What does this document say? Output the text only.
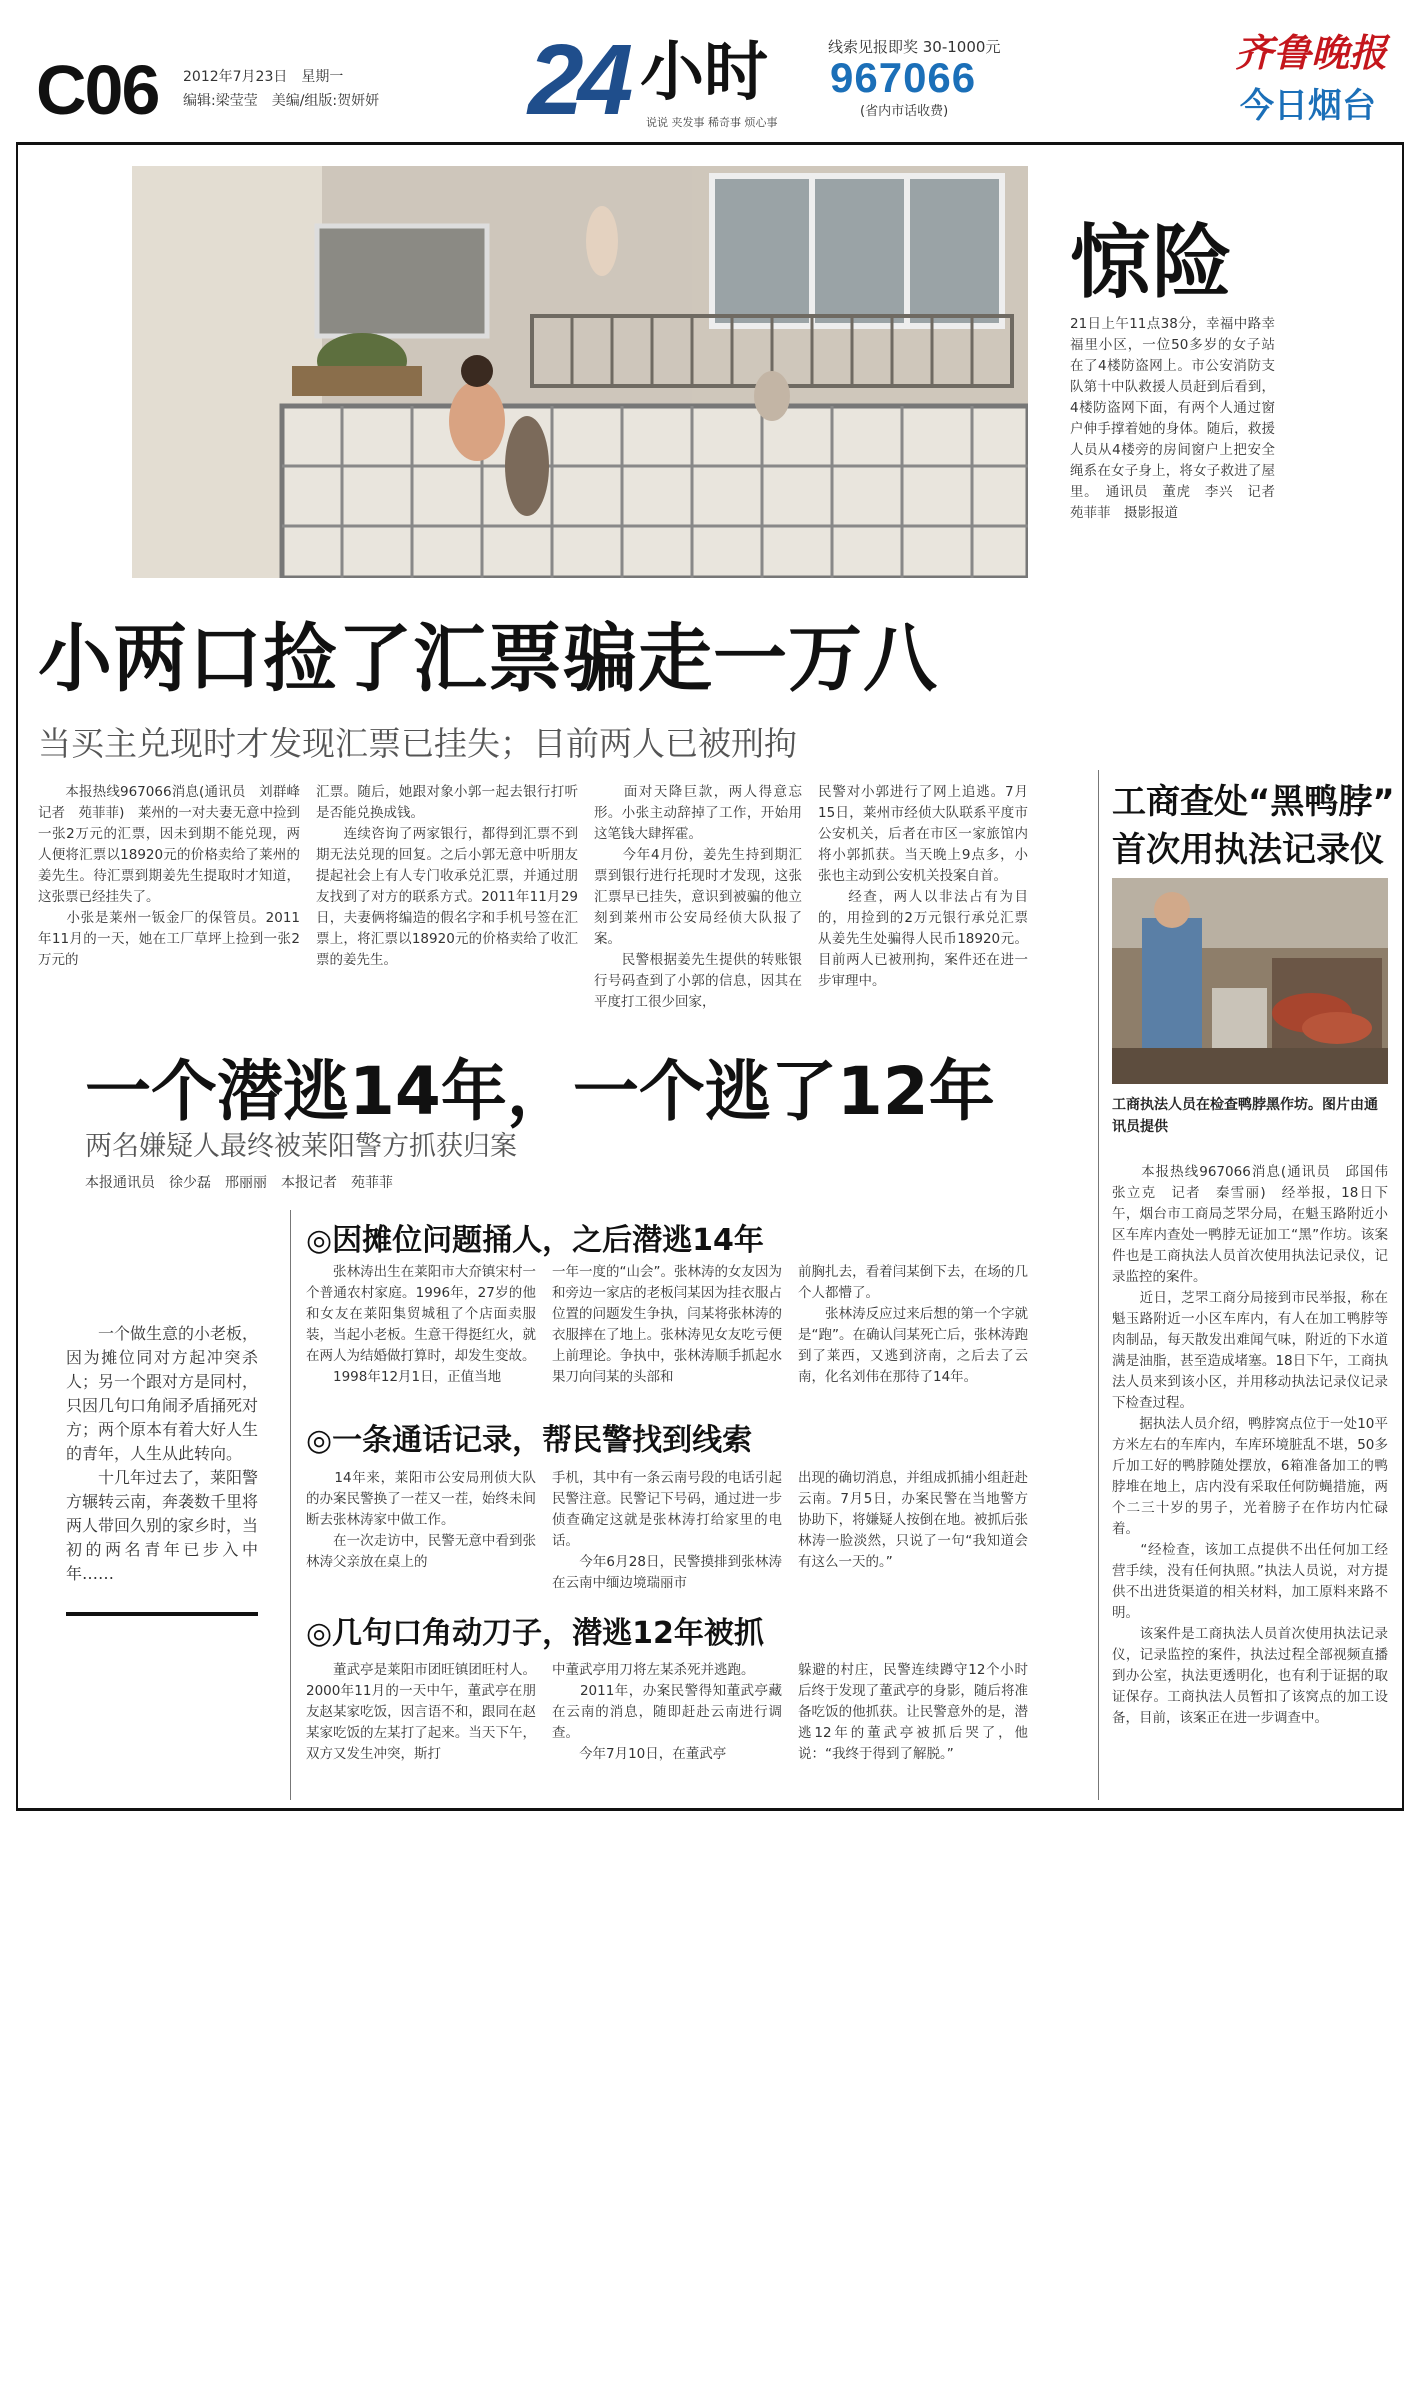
C06 2012年7月23日　星期一
编辑:梁莹莹　美编/组版:贺妍妍 24 小时
说说 夹发事 稀奇事 烦心事
线索见报即奖 30-1000元
967066
(省内市话收费)
齐鲁晚报
今日烟台
惊险
21日上午11点38分，幸福中路幸福里小区，一位50多岁的女子站在了4楼防盗网上。市公安消防支队第十中队救援人员赶到后看到，4楼防盗网下面，有两个人通过窗户伸手撑着她的身体。随后，救援人员从4楼旁的房间窗户上把安全绳系在女子身上，将女子救进了屋里。　通讯员　董虎　李兴　记者　苑菲菲　摄影报道
小两口捡了汇票骗走一万八
当买主兑现时才发现汇票已挂失；目前两人已被刑拘
　　本报热线967066消息(通讯员　刘群峰　记者　苑菲菲)　莱州的一对夫妻无意中捡到一张2万元的汇票，因未到期不能兑现，两人便将汇票以18920元的价格卖给了莱州的姜先生。待汇票到期姜先生提取时才知道，这张票已经挂失了。
　　小张是莱州一钣金厂的保管员。2011年11月的一天，她在工厂草坪上捡到一张2万元的
汇票。随后，她跟对象小郭一起去银行打听是否能兑换成钱。
　　连续咨询了两家银行，都得到汇票不到期无法兑现的回复。之后小郭无意中听朋友提起社会上有人专门收承兑汇票，并通过朋友找到了对方的联系方式。2011年11月29日，夫妻俩将编造的假名字和手机号签在汇票上，将汇票以18920元的价格卖给了收汇票的姜先生。
　　面对天降巨款，两人得意忘形。小张主动辞掉了工作，开始用这笔钱大肆挥霍。
　　今年4月份，姜先生持到期汇票到银行进行托现时才发现，这张汇票早已挂失，意识到被骗的他立刻到莱州市公安局经侦大队报了案。
　　民警根据姜先生提供的转账银行号码查到了小郭的信息，因其在平度打工很少回家，
民警对小郭进行了网上追逃。7月15日，莱州市经侦大队联系平度市公安机关，后者在市区一家旅馆内将小郭抓获。当天晚上9点多，小张也主动到公安机关投案自首。
　　经查，两人以非法占有为目的，用捡到的2万元银行承兑汇票从姜先生处骗得人民币18920元。目前两人已被刑拘，案件还在进一步审理中。
一个潜逃14年，一个逃了12年
两名嫌疑人最终被莱阳警方抓获归案
本报通讯员　徐少磊　邢丽丽　本报记者　苑菲菲
　　一个做生意的小老板，因为摊位同对方起冲突杀人；另一个跟对方是同村，只因几句口角闹矛盾捅死对方；两个原本有着大好人生的青年，人生从此转向。
　　十几年过去了，莱阳警方辗转云南，奔袭数千里将两人带回久别的家乡时，当初的两名青年已步入中年……
◎因摊位问题捅人，之后潜逃14年
　　张林涛出生在莱阳市大夼镇宋村一个普通农村家庭。1996年，27岁的他和女友在莱阳集贸城租了个店面卖服装，当起小老板。生意干得挺红火，就在两人为结婚做打算时，却发生变故。
　　1998年12月1日，正值当地
一年一度的“山会”。张林涛的女友因为和旁边一家店的老板闫某因为挂衣服占位置的问题发生争执，闫某将张林涛的衣服摔在了地上。张林涛见女友吃亏便上前理论。争执中，张林涛顺手抓起水果刀向闫某的头部和
前胸扎去，看着闫某倒下去，在场的几个人都懵了。
　　张林涛反应过来后想的第一个字就是“跑”。在确认闫某死亡后，张林涛跑到了莱西，又逃到济南，之后去了云南，化名刘伟在那待了14年。
◎一条通话记录，帮民警找到线索
　　14年来，莱阳市公安局刑侦大队的办案民警换了一茬又一茬，始终未间断去张林涛家中做工作。
　　在一次走访中，民警无意中看到张林涛父亲放在桌上的
手机，其中有一条云南号段的电话引起民警注意。民警记下号码，通过进一步侦查确定这就是张林涛打给家里的电话。
　　今年6月28日，民警摸排到张林涛在云南中缅边境瑞丽市
出现的确切消息，并组成抓捕小组赶赴云南。7月5日，办案民警在当地警方协助下，将嫌疑人按倒在地。被抓后张林涛一脸淡然，只说了一句“我知道会有这么一天的。”
◎几句口角动刀子，潜逃12年被抓
　　董武亭是莱阳市团旺镇团旺村人。2000年11月的一天中午，董武亭在朋友赵某家吃饭，因言语不和，跟同在赵某家吃饭的左某打了起来。当天下午，双方又发生冲突，斯打
中董武亭用刀将左某杀死并逃跑。
　　2011年，办案民警得知董武亭藏在云南的消息，随即赶赴云南进行调查。
　　今年7月10日，在董武亭
躲避的村庄，民警连续蹲守12个小时后终于发现了董武亭的身影，随后将准备吃饭的他抓获。让民警意外的是，潜逃12年的董武亭被抓后哭了，他说：“我终于得到了解脱。”
工商查处“黑鸭脖”
首次用执法记录仪
工商执法人员在检查鸭脖黑作坊。图片由通讯员提供
　　本报热线967066消息(通讯员　邱国伟　张立克　记者　秦雪丽)　经举报，18日下午，烟台市工商局芝罘分局，在魁玉路附近小区车库内查处一鸭脖无证加工“黑”作坊。该案件也是工商执法人员首次使用执法记录仪，记录监控的案件。
　　近日，芝罘工商分局接到市民举报，称在魁玉路附近一小区车库内，有人在加工鸭脖等肉制品，每天散发出难闻气味，附近的下水道满是油脂，甚至造成堵塞。18日下午，工商执法人员来到该小区，并用移动执法记录仪记录下检查过程。
　　据执法人员介绍，鸭脖窝点位于一处10平方米左右的车库内，车库环境脏乱不堪，50多斤加工好的鸭脖随处摆放，6箱准备加工的鸭脖堆在地上，店内没有采取任何防蝇措施，两个二三十岁的男子，光着膀子在作坊内忙碌着。
　　“经检查，该加工点提供不出任何加工经营手续，没有任何执照。”执法人员说，对方提供不出进货渠道的相关材料，加工原料来路不明。
　　该案件是工商执法人员首次使用执法记录仪，记录监控的案件，执法过程全部视频直播到办公室，执法更透明化，也有利于证据的取证保存。工商执法人员暂扣了该窝点的加工设备，目前，该案正在进一步调查中。
